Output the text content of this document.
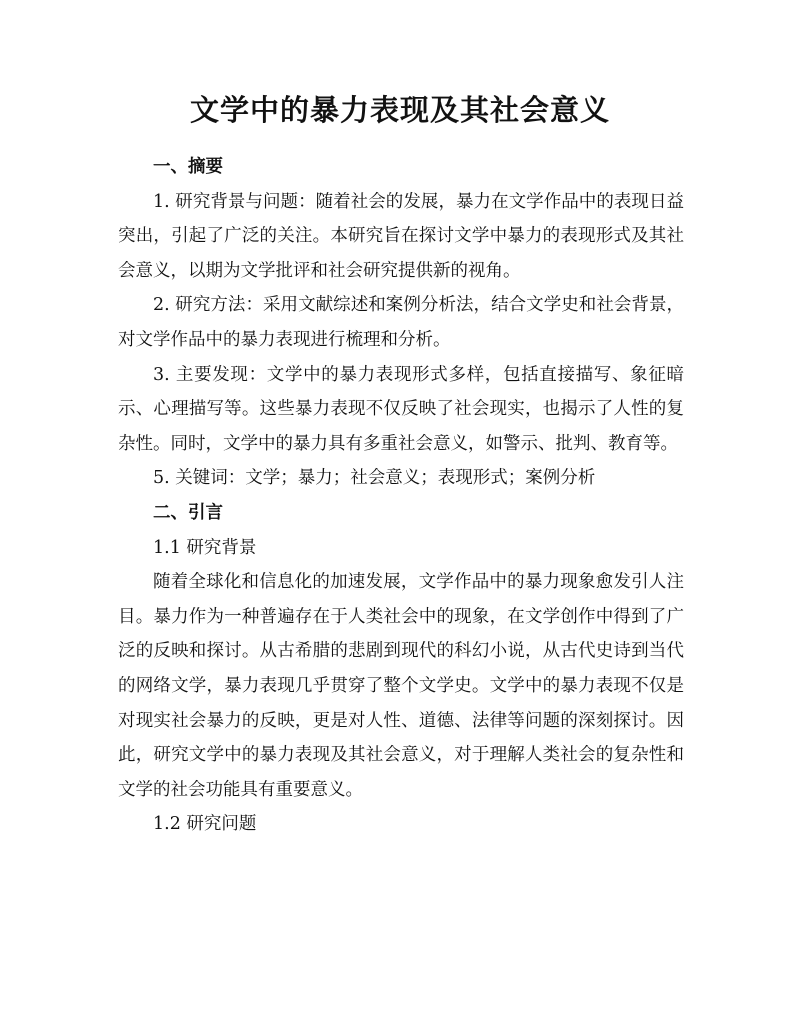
文学中的暴力表现及其社会意义

一、摘要

1. 研究背景与问题：随着社会的发展，暴力在文学作品中的表现日益突出，引起了广泛的关注。本研究旨在探讨文学中暴力的表现形式及其社会意义，以期为文学批评和社会研究提供新的视角。

2. 研究方法：采用文献综述和案例分析法，结合文学史和社会背景，对文学作品中的暴力表现进行梳理和分析。

3. 主要发现：文学中的暴力表现形式多样，包括直接描写、象征暗示、心理描写等。这些暴力表现不仅反映了社会现实，也揭示了人性的复杂性。同时，文学中的暴力具有多重社会意义，如警示、批判、教育等。

5. 关键词：文学；暴力；社会意义；表现形式；案例分析

二、引言

1.1 研究背景

随着全球化和信息化的加速发展，文学作品中的暴力现象愈发引人注目。暴力作为一种普遍存在于人类社会中的现象，在文学创作中得到了广泛的反映和探讨。从古希腊的悲剧到现代的科幻小说，从古代史诗到当代的网络文学，暴力表现几乎贯穿了整个文学史。文学中的暴力表现不仅是对现实社会暴力的反映，更是对人性、道德、法律等问题的深刻探讨。因此，研究文学中的暴力表现及其社会意义，对于理解人类社会的复杂性和文学的社会功能具有重要意义。

1.2 研究问题
